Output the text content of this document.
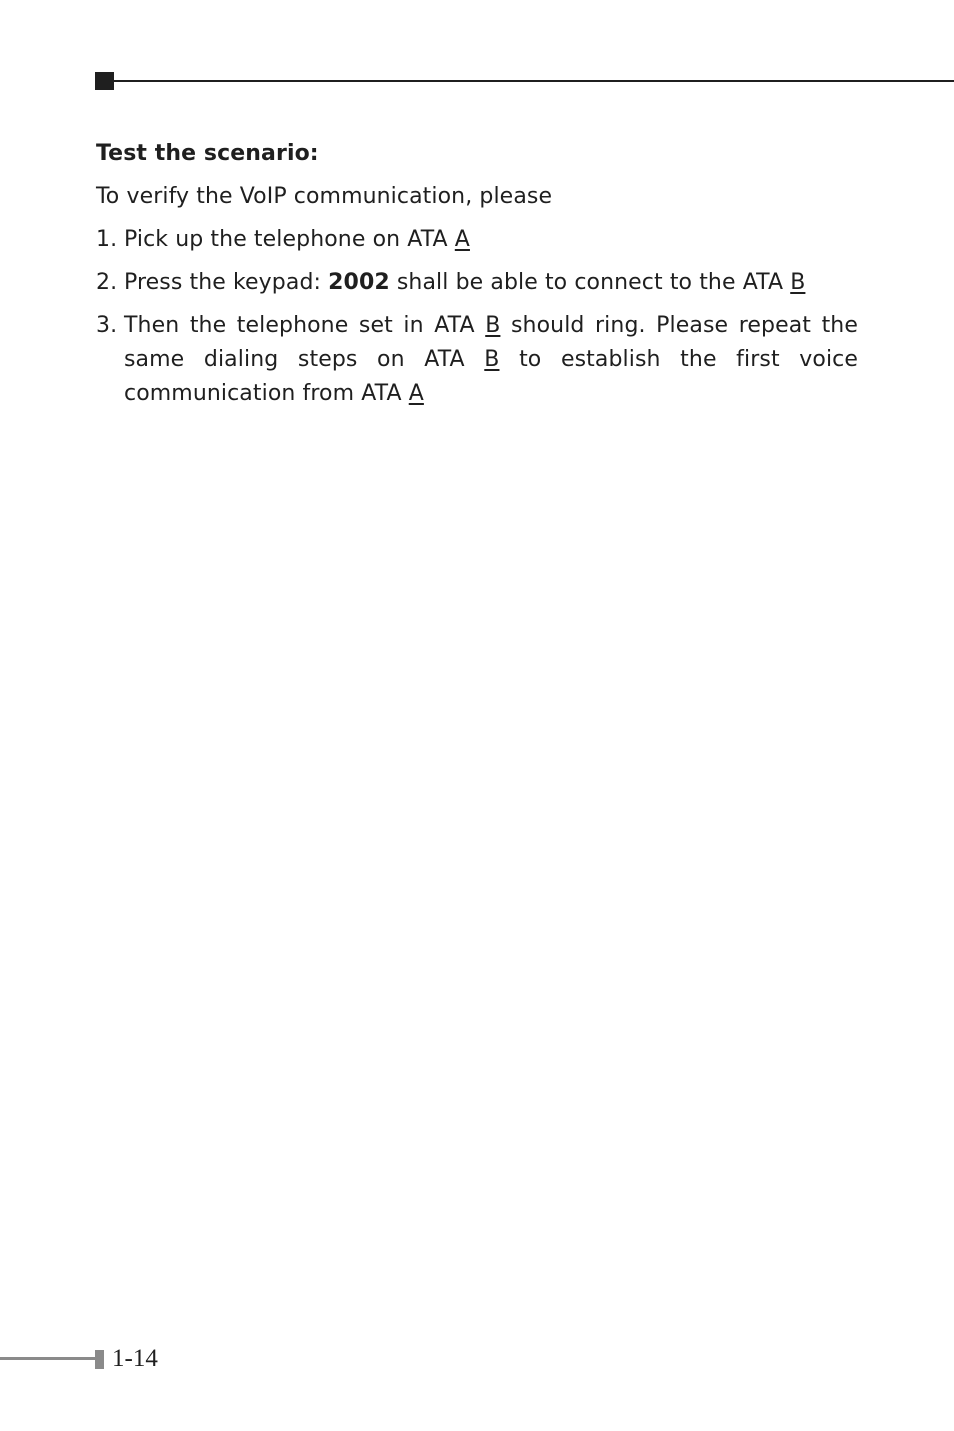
Test the scenario:
To verify the VoIP communication, please
1. Pick up the telephone on ATA A
2. Press the keypad: 2002 shall be able to connect to the ATA B
3. Then the telephone set in ATA B should ring. Please repeat the same dialing steps on ATA B to establish the first voice communication from ATA A
1-14
